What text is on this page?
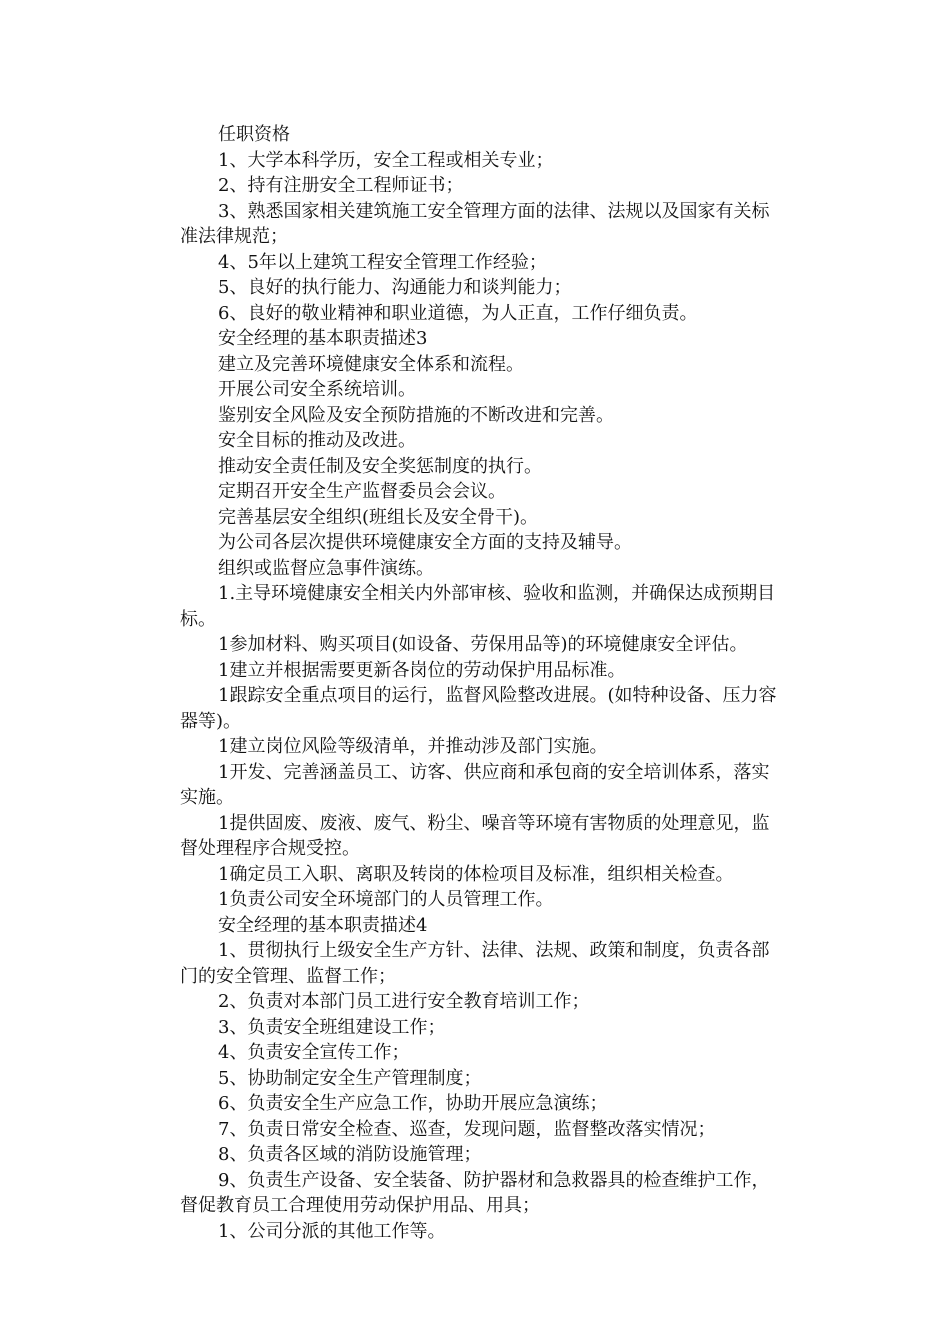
任职资格

1、大学本科学历，安全工程或相关专业；

2、持有注册安全工程师证书；

3、熟悉国家相关建筑施工安全管理方面的法律、法规以及国家有关标准法律规范；

4、5年以上建筑工程安全管理工作经验；

5、良好的执行能力、沟通能力和谈判能力；

6、良好的敬业精神和职业道德，为人正直，工作仔细负责。

安全经理的基本职责描述3

建立及完善环境健康安全体系和流程。

开展公司安全系统培训。

鉴别安全风险及安全预防措施的不断改进和完善。

安全目标的推动及改进。

推动安全责任制及安全奖惩制度的执行。

定期召开安全生产监督委员会会议。

完善基层安全组织(班组长及安全骨干)。

为公司各层次提供环境健康安全方面的支持及辅导。

组织或监督应急事件演练。

1.主导环境健康安全相关内外部审核、验收和监测，并确保达成预期目标。

1参加材料、购买项目(如设备、劳保用品等)的环境健康安全评估。

1建立并根据需要更新各岗位的劳动保护用品标准。

1跟踪安全重点项目的运行，监督风险整改进展。(如特种设备、压力容器等)。

1建立岗位风险等级清单，并推动涉及部门实施。

1开发、完善涵盖员工、访客、供应商和承包商的安全培训体系，落实实施。

1提供固废、废液、废气、粉尘、噪音等环境有害物质的处理意见，监督处理程序合规受控。

1确定员工入职、离职及转岗的体检项目及标准，组织相关检查。

1负责公司安全环境部门的人员管理工作。

安全经理的基本职责描述4

1、贯彻执行上级安全生产方针、法律、法规、政策和制度，负责各部门的安全管理、监督工作；

2、负责对本部门员工进行安全教育培训工作；

3、负责安全班组建设工作；

4、负责安全宣传工作；

5、协助制定安全生产管理制度；

6、负责安全生产应急工作，协助开展应急演练；

7、负责日常安全检查、巡查，发现问题，监督整改落实情况；

8、负责各区域的消防设施管理；

9、负责生产设备、安全装备、防护器材和急救器具的检查维护工作，督促教育员工合理使用劳动保护用品、用具；

1、公司分派的其他工作等。
